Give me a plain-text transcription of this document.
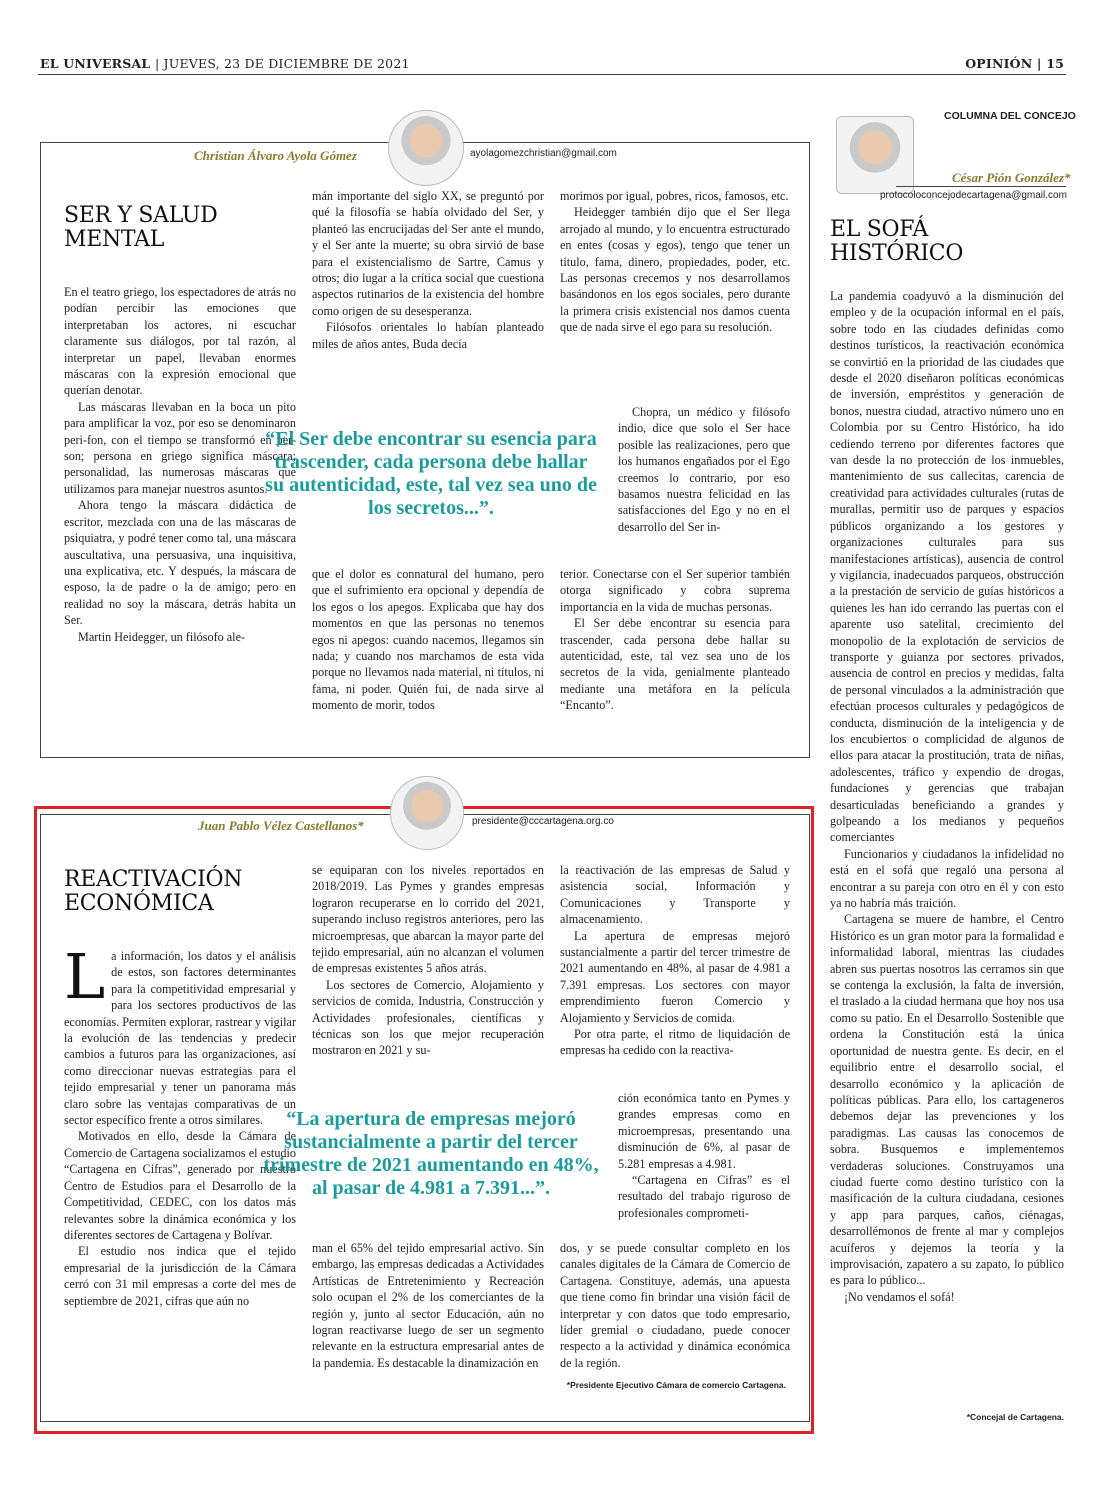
EL UNIVERSAL | JUEVES, 23 DE DICIEMBRE DE 2021	OPINIÓN | 15
Christian Álvaro Ayola Gómez	ayolagomezchristian@gmail.com
SER Y SALUD
MENTAL

En el teatro griego, los espectadores de atrás no podían percibir las emociones que interpretaban los actores, ni escuchar claramente sus diálogos, por tal razón, al interpretar un papel, llevaban enormes máscaras con la expresión emocional que querían denotar.

Las máscaras llevaban en la boca un pito para amplificar la voz, por eso se denominaron peri-fon, con el tiempo se transformó en per-son; persona en griego significa máscara; personalidad, las numerosas máscaras que utilizamos para manejar nuestros asuntos.

Ahora tengo la máscara didáctica de escritor, mezclada con una de las máscaras de psiquiatra, y podré tener como tal, una máscara auscultativa, una persuasiva, una inquisitiva, una explicativa, etc. Y después, la máscara de esposo, la de padre o la de amigo; pero en realidad no soy la máscara, detrás habita un Ser.

Martin Heidegger, un filósofo ale-

mán importante del siglo XX, se preguntó por qué la filosofía se había olvidado del Ser, y planteó las encrucijadas del Ser ante el mundo, y el Ser ante la muerte; su obra sirvió de base para el existencialismo de Sartre, Camus y otros; dio lugar a la crítica social que cuestiona aspectos rutinarios de la existencia del hombre como origen de su desesperanza.

Filósofos orientales lo habían planteado miles de años antes, Buda decía

“El Ser debe encontrar su esencia para trascender, cada persona debe hallar su autenticidad, este, tal vez sea uno de los secretos...”.

que el dolor es connatural del humano, pero que el sufrimiento era opcional y dependía de los egos o los apegos. Explicaba que hay dos momentos en que las personas no tenemos egos ni apegos: cuando nacemos, llegamos sin nada; y cuando nos marchamos de esta vida porque no llevamos nada material, ni títulos, ni fama, ni poder. Quién fui, de nada sirve al momento de morir, todos

morimos por igual, pobres, ricos, famosos, etc.

Heidegger también dijo que el Ser llega arrojado al mundo, y lo encuentra estructurado en entes (cosas y egos), tengo que tener un título, fama, dinero, propiedades, poder, etc. Las personas crecemos y nos desarrollamos basándonos en los egos sociales, pero durante la primera crisis existencial nos damos cuenta que de nada sirve el ego para su resolución.

Chopra, un médico y filósofo indio, dice que solo el Ser hace posible las realizaciones, pero que los humanos engañados por el Ego creemos lo contrario, por eso basamos nuestra felicidad en las satisfacciones del Ego y no en el desarrollo del Ser in-

terior. Conectarse con el Ser superior también otorga significado y cobra suprema importancia en la vida de muchas personas.

El Ser debe encontrar su esencia para trascender, cada persona debe hallar su autenticidad, este, tal vez sea uno de los secretos de la vida, genialmente planteado mediante una metáfora en la película “Encanto”.

Juan Pablo Vélez Castellanos*	presidente@cccartagena.org.co
REACTIVACIÓN
ECONÓMICA

La información, los datos y el análisis de estos, son factores determinantes para la competitividad empresarial y para los sectores productivos de las economías. Permiten explorar, rastrear y vigilar la evolución de las tendencias y predecir cambios a futuros para las organizaciones, así como direccionar nuevas estrategias para el tejido empresarial y tener un panorama más claro sobre las ventajas comparativas de un sector específico frente a otros similares.

Motivados en ello, desde la Cámara de Comercio de Cartagena socializamos el estudio “Cartagena en Cifras”, generado por nuestro Centro de Estudios para el Desarrollo de la Competitividad, CEDEC, con los datos más relevantes sobre la dinámica económica y los diferentes sectores de Cartagena y Bolívar.

El estudio nos indica que el tejido empresarial de la jurisdicción de la Cámara cerró con 31 mil empresas a corte del mes de septiembre de 2021, cifras que aún no

se equiparan con los niveles reportados en 2018/2019. Las Pymes y grandes empresas lograron recuperarse en lo corrido del 2021, superando incluso registros anteriores, pero las microempresas, que abarcan la mayor parte del tejido empresarial, aún no alcanzan el volumen de empresas existentes 5 años atrás.

Los sectores de Comercio, Alojamiento y servicios de comida, Industria, Construcción y Actividades profesionales, científicas y técnicas son los que mejor recuperación mostraron en 2021 y su-

“La apertura de empresas mejoró sustancialmente a partir del tercer trimestre de 2021 aumentando en 48%, al pasar de 4.981 a 7.391...”.

man el 65% del tejido empresarial activo. Sin embargo, las empresas dedicadas a Actividades Artísticas de Entretenimiento y Recreación solo ocupan el 2% de los comerciantes de la región y, junto al sector Educación, aún no logran reactivarse luego de ser un segmento relevante en la estructura empresarial antes de la pandemia. Es destacable la dinamización en

la reactivación de las empresas de Salud y asistencia social, Información y Comunicaciones y Transporte y almacenamiento.

La apertura de empresas mejoró sustancialmente a partir del tercer trimestre de 2021 aumentando en 48%, al pasar de 4.981 a 7.391 empresas. Los sectores con mayor emprendimiento fueron Comercio y Alojamiento y Servicios de comida.

Por otra parte, el ritmo de liquidación de empresas ha cedido con la reactiva-

ción económica tanto en Pymes y grandes empresas como en microempresas, presentando una disminución de 6%, al pasar de 5.281 empresas a 4.981.

“Cartagena en Cifras” es el resultado del trabajo riguroso de profesionales comprometi-

dos, y se puede consultar completo en los canales digitales de la Cámara de Comercio de Cartagena. Constituye, además, una apuesta que tiene como fin brindar una visión fácil de interpretar y con datos que todo empresario, líder gremial o ciudadano, puede conocer respecto a la actividad y dinámica económica de la región.

*Presidente Ejecutivo Cámara de comercio Cartagena.
COLUMNA DEL CONCEJO
César Pión González*
protocoloconcejodecartagena@gmail.com
EL SOFÁ
HISTÓRICO

La pandemia coadyuvó a la disminución del empleo y de la ocupación informal en el país, sobre todo en las ciudades definidas como destinos turísticos, la reactivación económica se convirtió en la prioridad de las ciudades que desde el 2020 diseñaron políticas económicas de inversión, empréstitos y generación de bonos, nuestra ciudad, atractivo número uno en Colombia por su Centro Histórico, ha ido cediendo terreno por diferentes factores que van desde la no protección de los inmuebles, mantenimiento de sus callecitas, carencia de creatividad para actividades culturales (rutas de murallas, permitir uso de parques y espacios públicos organizando a los gestores y organizaciones culturales para sus manifestaciones artísticas), ausencia de control y vigilancia, inadecuados parqueos, obstrucción a la prestación de servicio de guías históricos a quienes les han ido cerrando las puertas con el aparente uso satelital, crecimiento del monopolio de la explotación de servicios de transporte y guianza por sectores privados, ausencia de control en precios y medidas, falta de personal vinculados a la administración que efectúan procesos culturales y pedagógicos de conducta, disminución de la inteligencia y de los encubiertos o complicidad de algunos de ellos para atacar la prostitución, trata de niñas, adolescentes, tráfico y expendio de drogas, fundaciones y gerencias que trabajan desarticuladas beneficiando a grandes y golpeando a los medianos y pequeños comerciantes

Funcionarios y ciudadanos la infidelidad no está en el sofá que regaló una persona al encontrar a su pareja con otro en él y con esto ya no habría más traición.

Cartagena se muere de hambre, el Centro Histórico es un gran motor para la formalidad e informalidad laboral, mientras las ciudades abren sus puertas nosotros las cerramos sin que se contenga la exclusión, la falta de inversión, el traslado a la ciudad hermana que hoy nos usa como su patio. En el Desarrollo Sostenible que ordena la Constitución está la única oportunidad de nuestra gente. Es decir, en el equilibrio entre el desarrollo social, el desarrollo económico y la aplicación de políticas públicas. Para ello, los cartageneros debemos dejar las prevenciones y los paradigmas. Las causas las conocemos de sobra. Busquemos e implementemos verdaderas soluciones. Construyamos una ciudad fuerte como destino turístico con la masificación de la cultura ciudadana, cesiones y app para parques, caños, ciénagas, desarrollémonos de frente al mar y complejos acuíferos y dejemos la teoría y la improvisación, zapatero a su zapato, lo público es para lo público...

¡No vendamos el sofá!

*Concejal de Cartagena.
